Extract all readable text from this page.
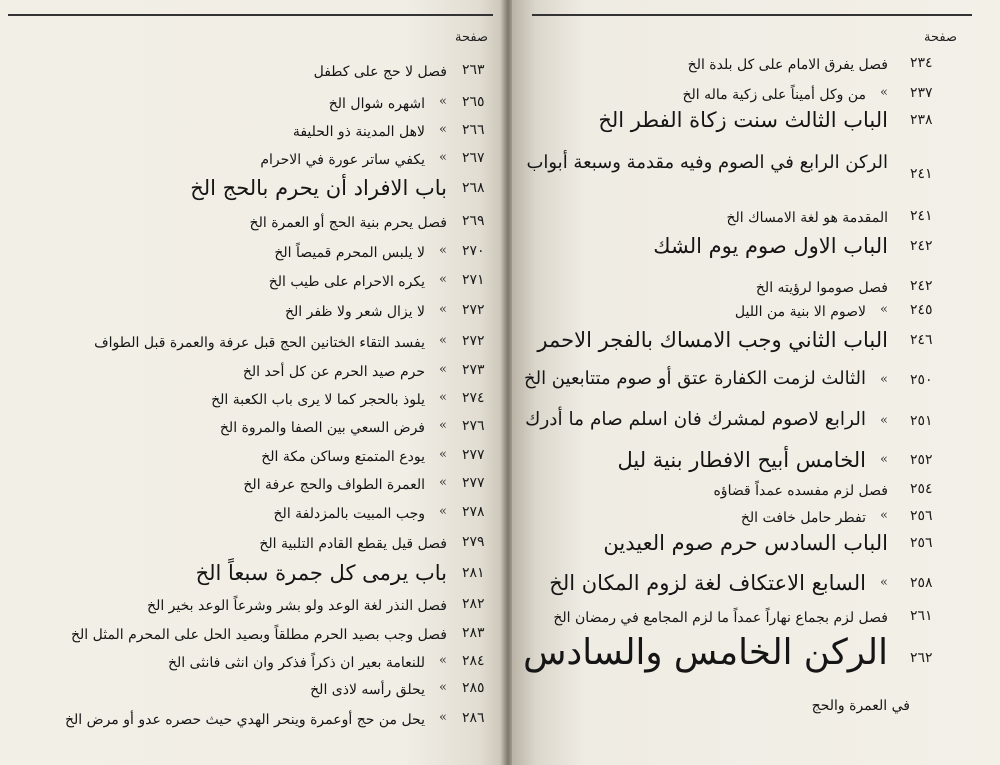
صفحة
٢٦٣
فصل لا حج على كطفل
٢٦٥
«
اشهره شوال الخ
٢٦٦
«
لاهل المدينة ذو الحليفة
٢٦٧
«
يكفي ساتر عورة في الاحرام
٢٦٨
باب الافراد أن يحرم بالحج الخ
٢٦٩
فصل يحرم بنية الحج أو العمرة الخ
٢٧٠
«
لا يلبس المحرم قميصاً الخ
٢٧١
«
يكره الاحرام على طيب الخ
٢٧٢
«
لا يزال شعر ولا ظفر الخ
٢٧٢
«
يفسد التقاء الختانين الحج قبل عرفة والعمرة قبل الطواف
٢٧٣
«
حرم صيد الحرم عن كل أحد الخ
٢٧٤
«
يلوذ بالحجر كما لا يرى باب الكعبة الخ
٢٧٦
«
فرض السعي بين الصفا والمروة الخ
٢٧٧
«
يودع المتمتع وساكن مكة الخ
٢٧٧
«
العمرة الطواف والحج عرفة الخ
٢٧٨
«
وجب المبيت بالمزدلفة الخ
٢٧٩
فصل قيل يقطع القادم التلبية الخ
٢٨١
باب يرمى كل جمرة سبعاً الخ
٢٨٢
فصل النذر لغة الوعد ولو بشر وشرعاً الوعد بخير الخ
٢٨٣
فصل وجب بصيد الحرم مطلقاً وبصيد الحل على المحرم المثل الخ
٢٨٤
«
للنعامة بعير ان ذكراً فذكر وان انثى فانثى الخ
٢٨٥
«
يحلق رأسه لاذى الخ
٢٨٦
«
يحل من حج أوعمرة وينحر الهدي حيث حصره عدو أو مرض الخ
صفحة
٢٣٤
فصل يفرق الامام على كل بلدة الخ
٢٣٧
«
من وكل أميناً على زكية ماله الخ
٢٣٨
الباب الثالث سنت زكاة الفطر الخ
٢٤١
الركن الرابع في الصوم وفيه مقدمة وسبعة أبواب
٢٤١
المقدمة هو لغة الامساك الخ
٢٤٢
الباب الاول صوم يوم الشك
٢٤٢
فصل صوموا لرؤيته الخ
٢٤٥
«
لاصوم الا بنية من الليل
٢٤٦
الباب الثاني وجب الامساك بالفجر الاحمر
٢٥٠
«
الثالث لزمت الكفارة عتق أو صوم متتابعين الخ
٢٥١
«
الرابع لاصوم لمشرك فان اسلم صام ما أدرك
٢٥٢
«
الخامس أبيح الافطار بنية ليل
٢٥٤
فصل لزم مفسده عمداً قضاؤه
٢٥٦
«
تفطر حامل خافت الخ
٢٥٦
الباب السادس حرم صوم العيدين
٢٥٨
«
السابع الاعتكاف لغة لزوم المكان الخ
٢٦١
فصل لزم بجماع نهاراً عمداً ما لزم المجامع في رمضان الخ
٢٦٢
الركن الخامس والسادس
في العمرة والحج
